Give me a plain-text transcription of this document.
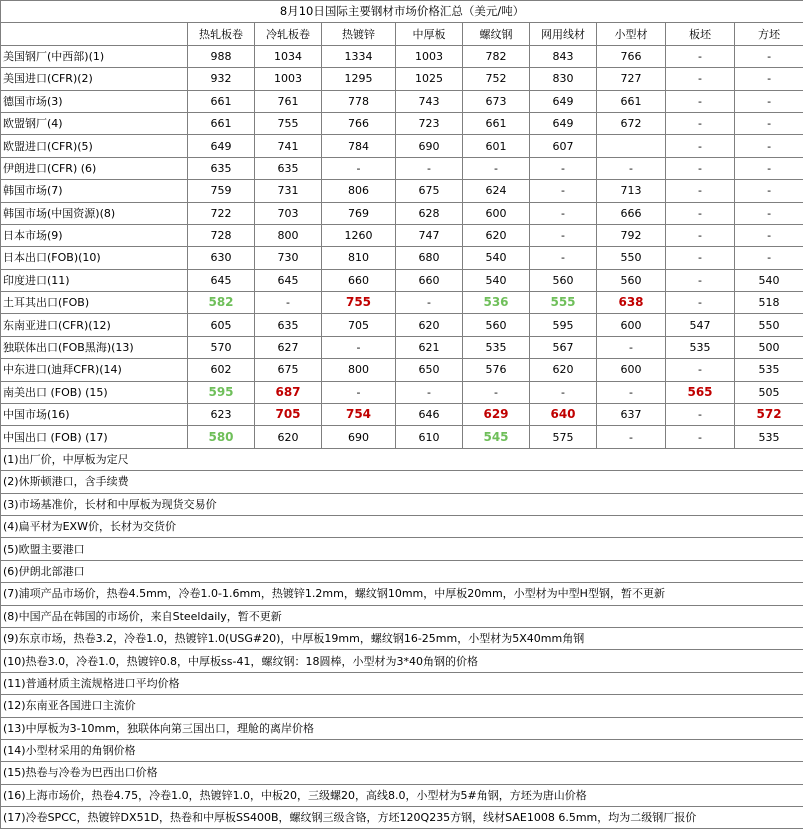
8月10日国际主要钢材市场价格汇总（美元/吨）									
	热轧板卷	冷轧板卷	热镀锌	中厚板	螺纹钢	网用线材	小型材	板坯	方坯
美国钢厂(中西部)(1)	988	1034	1334	1003	782	843	766	-	-
美国进口(CFR)(2)	932	1003	1295	1025	752	830	727	-	-
德国市场(3)	661	761	778	743	673	649	661	-	-
欧盟钢厂(4)	661	755	766	723	661	649	672	-	-
欧盟进口(CFR)(5)	649	741	784	690	601	607		-	-
伊朗进口(CFR) (6)	635	635	-	-	-	-	-	-	-
韩国市场(7)	759	731	806	675	624	-	713	-	-
韩国市场(中国资源)(8)	722	703	769	628	600	-	666	-	-
日本市场(9)	728	800	1260	747	620	-	792	-	-
日本出口(FOB)(10)	630	730	810	680	540	-	550	-	-
印度进口(11)	645	645	660	660	540	560	560	-	540
土耳其出口(FOB)	582	-	755	-	536	555	638	-	518
东南亚进口(CFR)(12)	605	635	705	620	560	595	600	547	550
独联体出口(FOB黑海)(13)	570	627	-	621	535	567	-	535	500
中东进口(迪拜CFR)(14)	602	675	800	650	576	620	600	-	535
南美出口 (FOB) (15)	595	687	-	-	-	-	-	565	505
中国市场(16)	623	705	754	646	629	640	637	-	572
中国出口 (FOB) (17)	580	620	690	610	545	575	-	-	535
(1)出厂价，中厚板为定尺									
(2)休斯顿港口，含手续费									
(3)市场基准价，长材和中厚板为现货交易价									
(4)扁平材为EXW价，长材为交货价									
(5)欧盟主要港口									
(6)伊朗北部港口									
(7)浦项产品市场价，热卷4.5mm，冷卷1.0-1.6mm，热镀锌1.2mm，螺纹钢10mm，中厚板20mm，小型材为中型H型钢，暂不更新									
(8)中国产品在韩国的市场价，来自Steeldaily，暂不更新									
(9)东京市场，热卷3.2，冷卷1.0，热镀锌1.0(USG#20)，中厚板19mm，螺纹钢16-25mm，小型材为5X40mm角钢									
(10)热卷3.0，冷卷1.0，热镀锌0.8，中厚板ss-41，螺纹钢：18圆棒，小型材为3*40角钢的价格									
(11)普通材质主流规格进口平均价格									
(12)东南亚各国进口主流价									
(13)中厚板为3-10mm，独联体向第三国出口，理舱的离岸价格									
(14)小型材采用的角钢价格									
(15)热卷与冷卷为巴西出口价格									
(16)上海市场价，热卷4.75，冷卷1.0，热镀锌1.0，中板20，三级螺20，高线8.0，小型材为5#角钢，方坯为唐山价格									
(17)冷卷SPCC，热镀锌DX51D，热卷和中厚板SS400B，螺纹钢三级含铬，方坯120Q235方钢，线材SAE1008 6.5mm，均为二级钢厂报价									
